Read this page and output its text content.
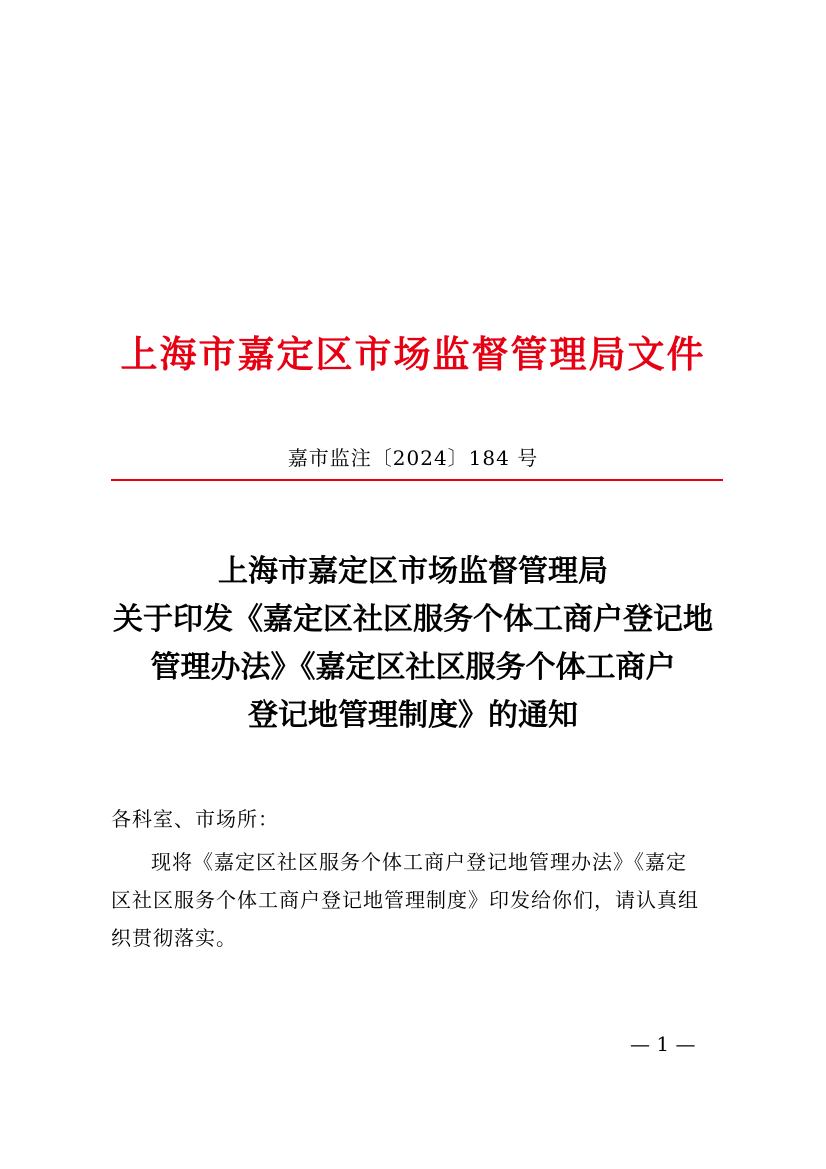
上海市嘉定区市场监督管理局文件
嘉市监注〔2024〕184 号
上海市嘉定区市场监督管理局
关于印发《嘉定区社区服务个体工商户登记地
管理办法》《嘉定区社区服务个体工商户
登记地管理制度》的通知
各科室、市场所：
现将《嘉定区社区服务个体工商户登记地管理办法》《嘉定
区社区服务个体工商户登记地管理制度》印发给你们，请认真组
织贯彻落实。
— 1 —
